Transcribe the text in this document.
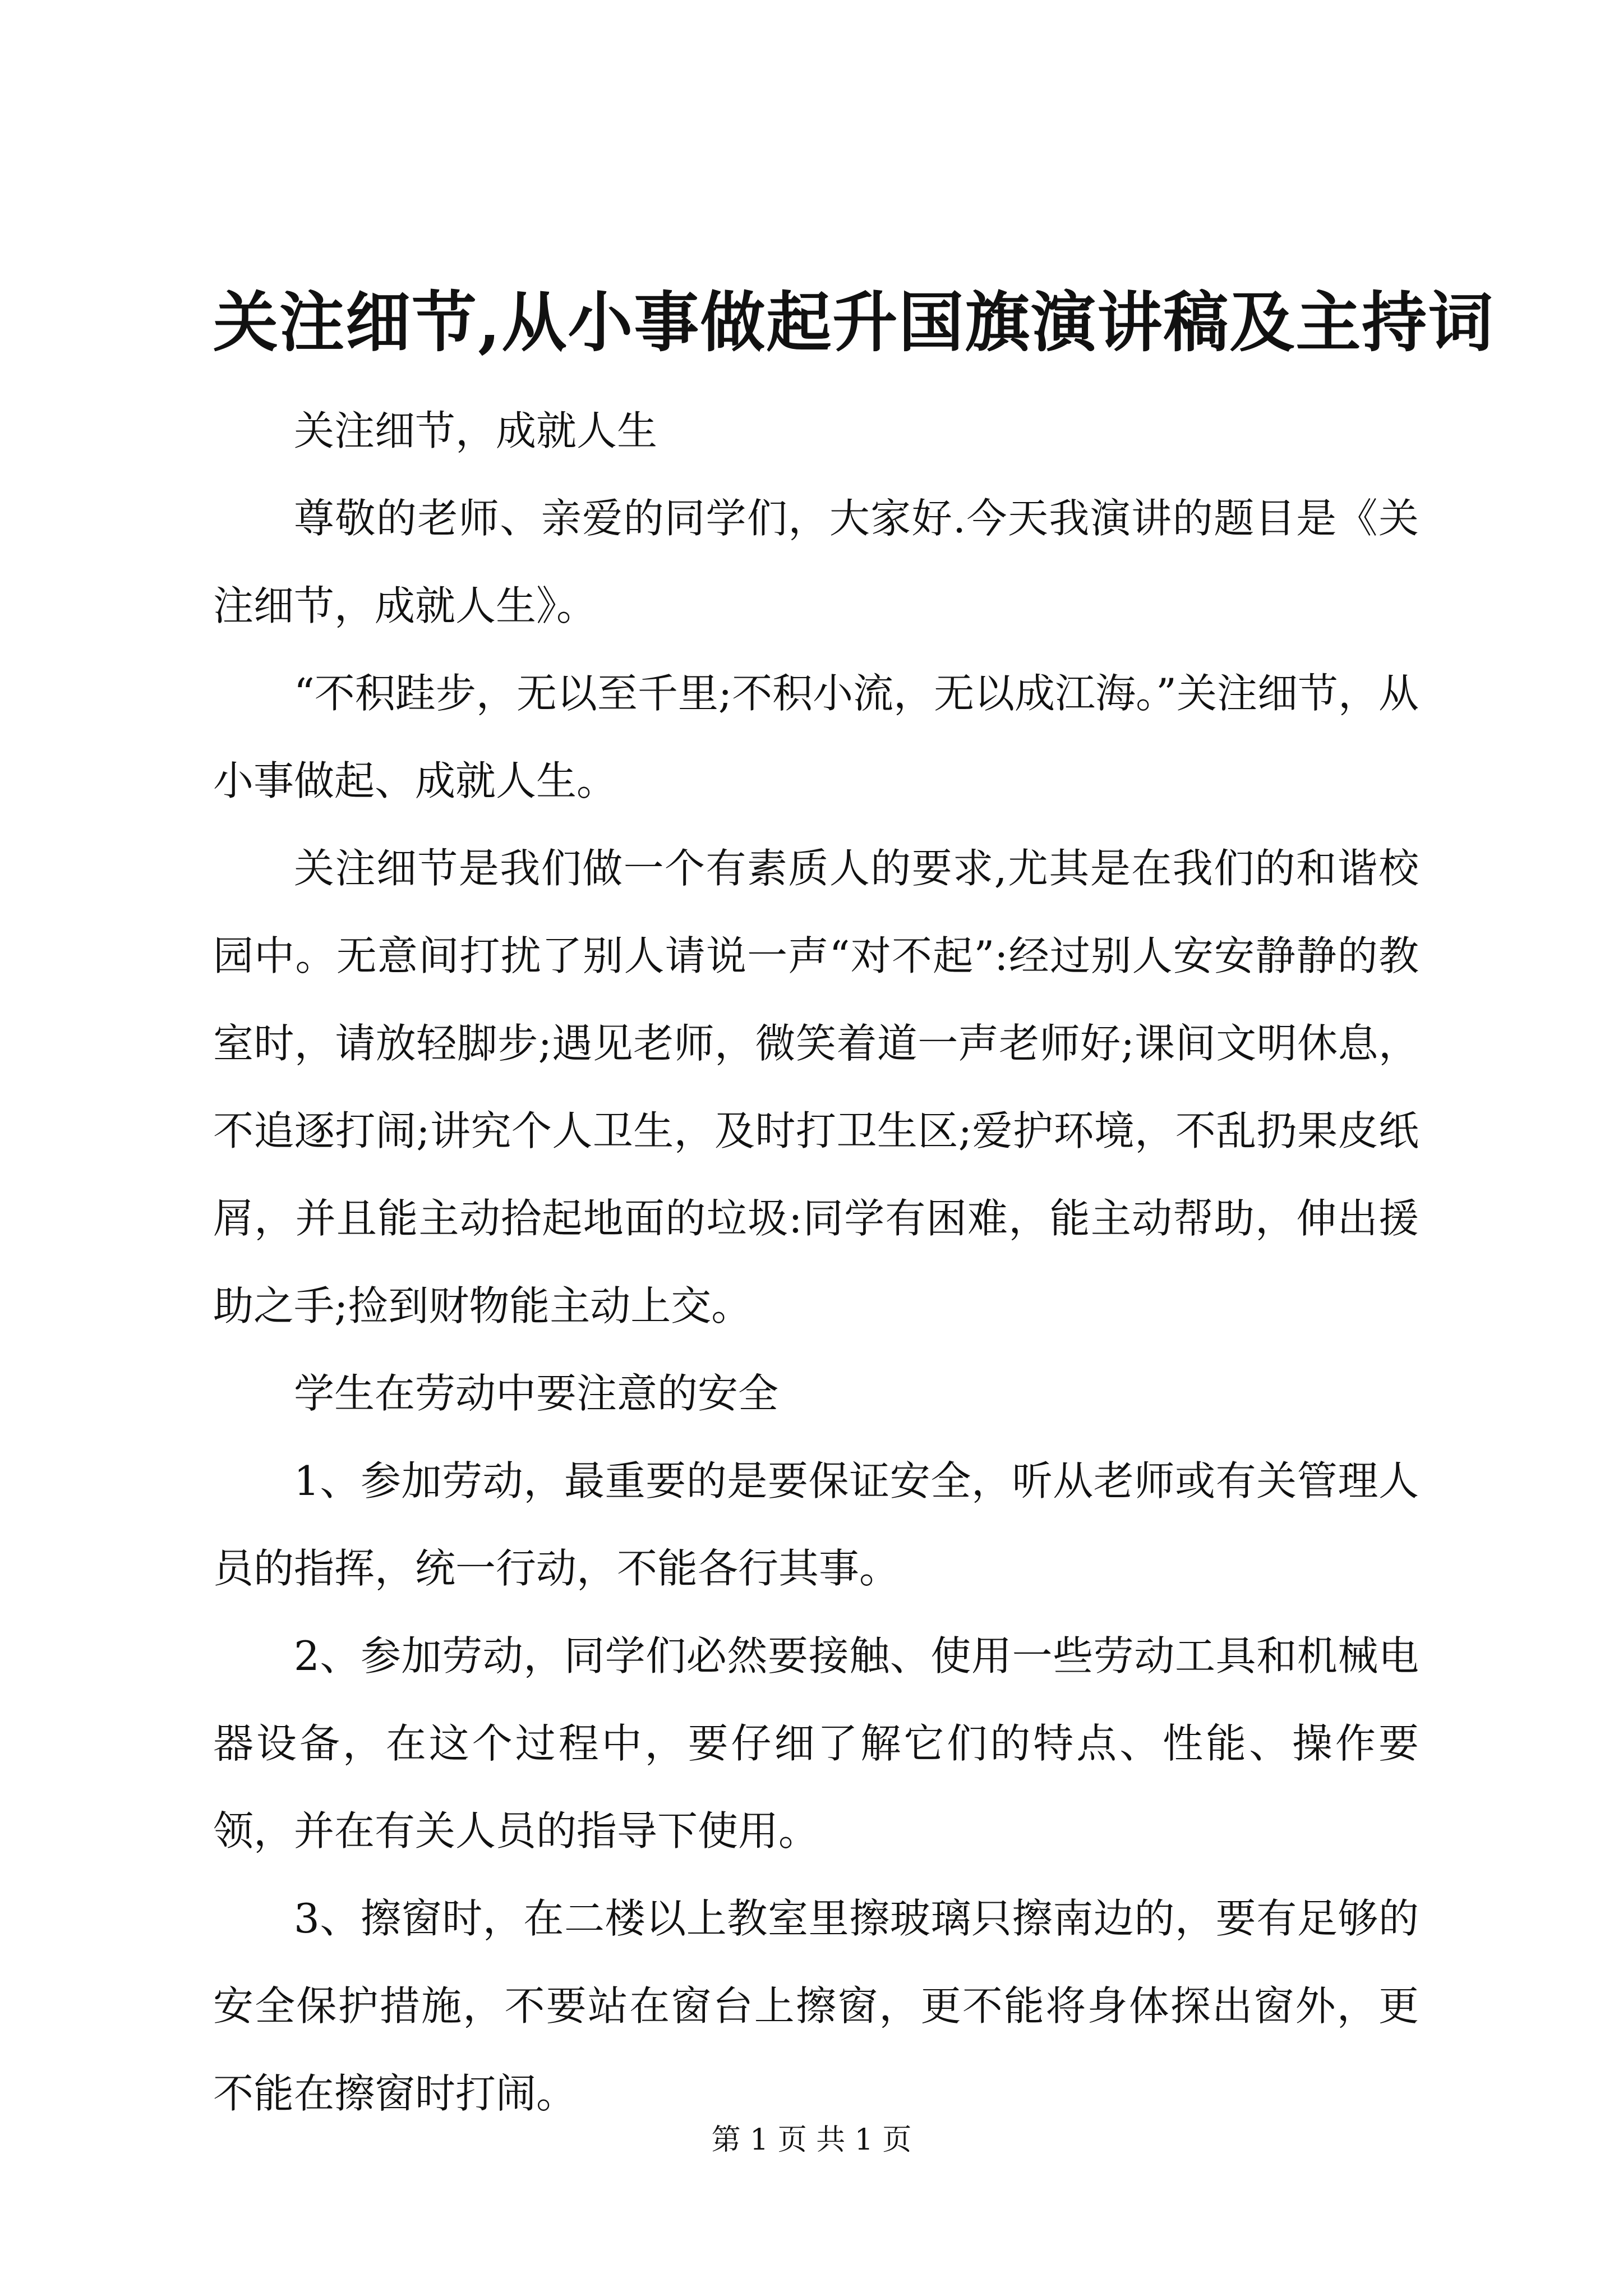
关注细节,从小事做起升国旗演讲稿及主持词

关注细节，成就人生

尊敬的老师、亲爱的同学们，大家好.今天我演讲的题目是《关注细节，成就人生》。

“不积跬步，无以至千里;不积小流，无以成江海。”关注细节，从小事做起、成就人生。

关注细节是我们做一个有素质人的要求,尤其是在我们的和谐校园中。无意间打扰了别人请说一声“对不起”:经过别人安安静静的教室时，请放轻脚步;遇见老师，微笑着道一声老师好;课间文明休息，不追逐打闹;讲究个人卫生，及时打卫生区;爱护环境，不乱扔果皮纸屑，并且能主动拾起地面的垃圾:同学有困难，能主动帮助，伸出援助之手;捡到财物能主动上交。

学生在劳动中要注意的安全

1、参加劳动，最重要的是要保证安全，听从老师或有关管理人员的指挥，统一行动，不能各行其事。

2、参加劳动，同学们必然要接触、使用一些劳动工具和机械电器设备，在这个过程中，要仔细了解它们的特点、性能、操作要领，并在有关人员的指导下使用。

3、擦窗时，在二楼以上教室里擦玻璃只擦南边的，要有足够的安全保护措施，不要站在窗台上擦窗，更不能将身体探出窗外，更不能在擦窗时打闹。

第 1 页 共 1 页
